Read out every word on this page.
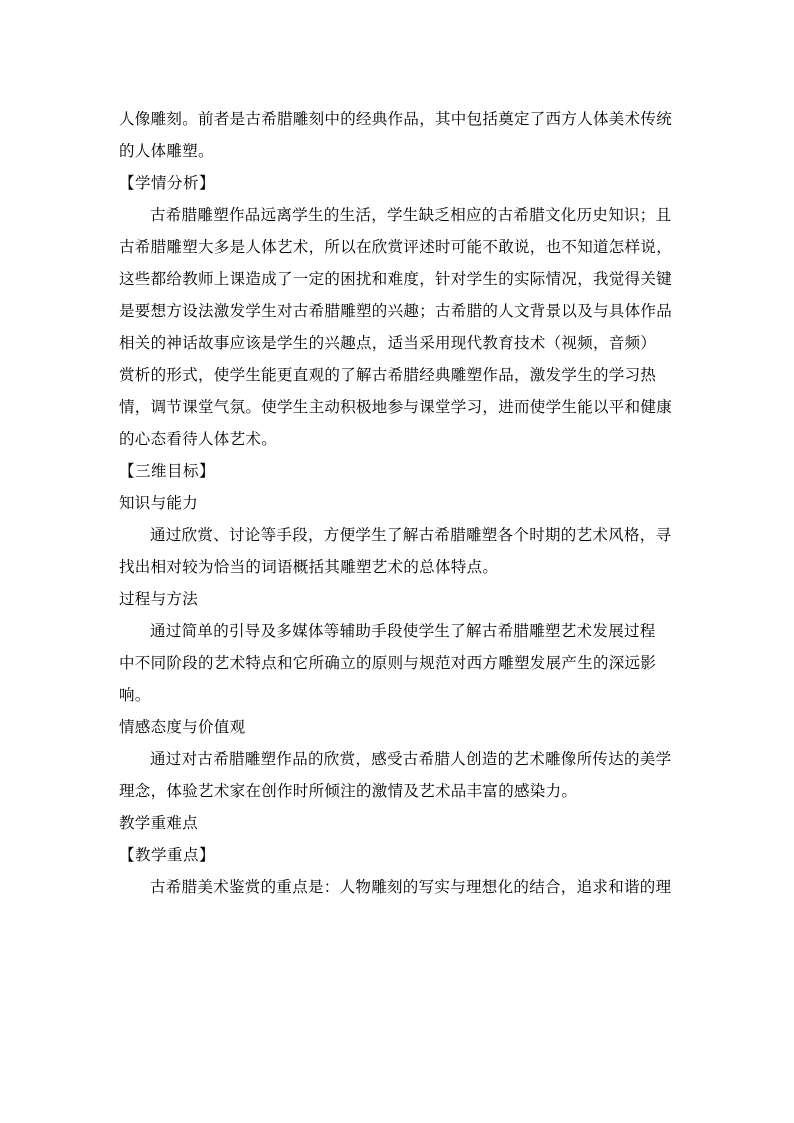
人像雕刻。前者是古希腊雕刻中的经典作品，其中包括奠定了西方人体美术传统
的人体雕塑。
【学情分析】
古希腊雕塑作品远离学生的生活，学生缺乏相应的古希腊文化历史知识；且
古希腊雕塑大多是人体艺术，所以在欣赏评述时可能不敢说，也不知道怎样说，
这些都给教师上课造成了一定的困扰和难度，针对学生的实际情况，我觉得关键
是要想方设法激发学生对古希腊雕塑的兴趣；古希腊的人文背景以及与具体作品
相关的神话故事应该是学生的兴趣点，适当采用现代教育技术（视频，音频）
赏析的形式，使学生能更直观的了解古希腊经典雕塑作品，激发学生的学习热
情，调节课堂气氛。使学生主动积极地参与课堂学习，进而使学生能以平和健康
的心态看待人体艺术。
【三维目标】
知识与能力
通过欣赏、讨论等手段，方便学生了解古希腊雕塑各个时期的艺术风格，寻
找出相对较为恰当的词语概括其雕塑艺术的总体特点。
过程与方法
通过简单的引导及多媒体等辅助手段使学生了解古希腊雕塑艺术发展过程
中不同阶段的艺术特点和它所确立的原则与规范对西方雕塑发展产生的深远影
响。
情感态度与价值观
通过对古希腊雕塑作品的欣赏，感受古希腊人创造的艺术雕像所传达的美学
理念，体验艺术家在创作时所倾注的激情及艺术品丰富的感染力。
教学重难点
【教学重点】
古希腊美术鉴赏的重点是：人物雕刻的写实与理想化的结合，追求和谐的理
